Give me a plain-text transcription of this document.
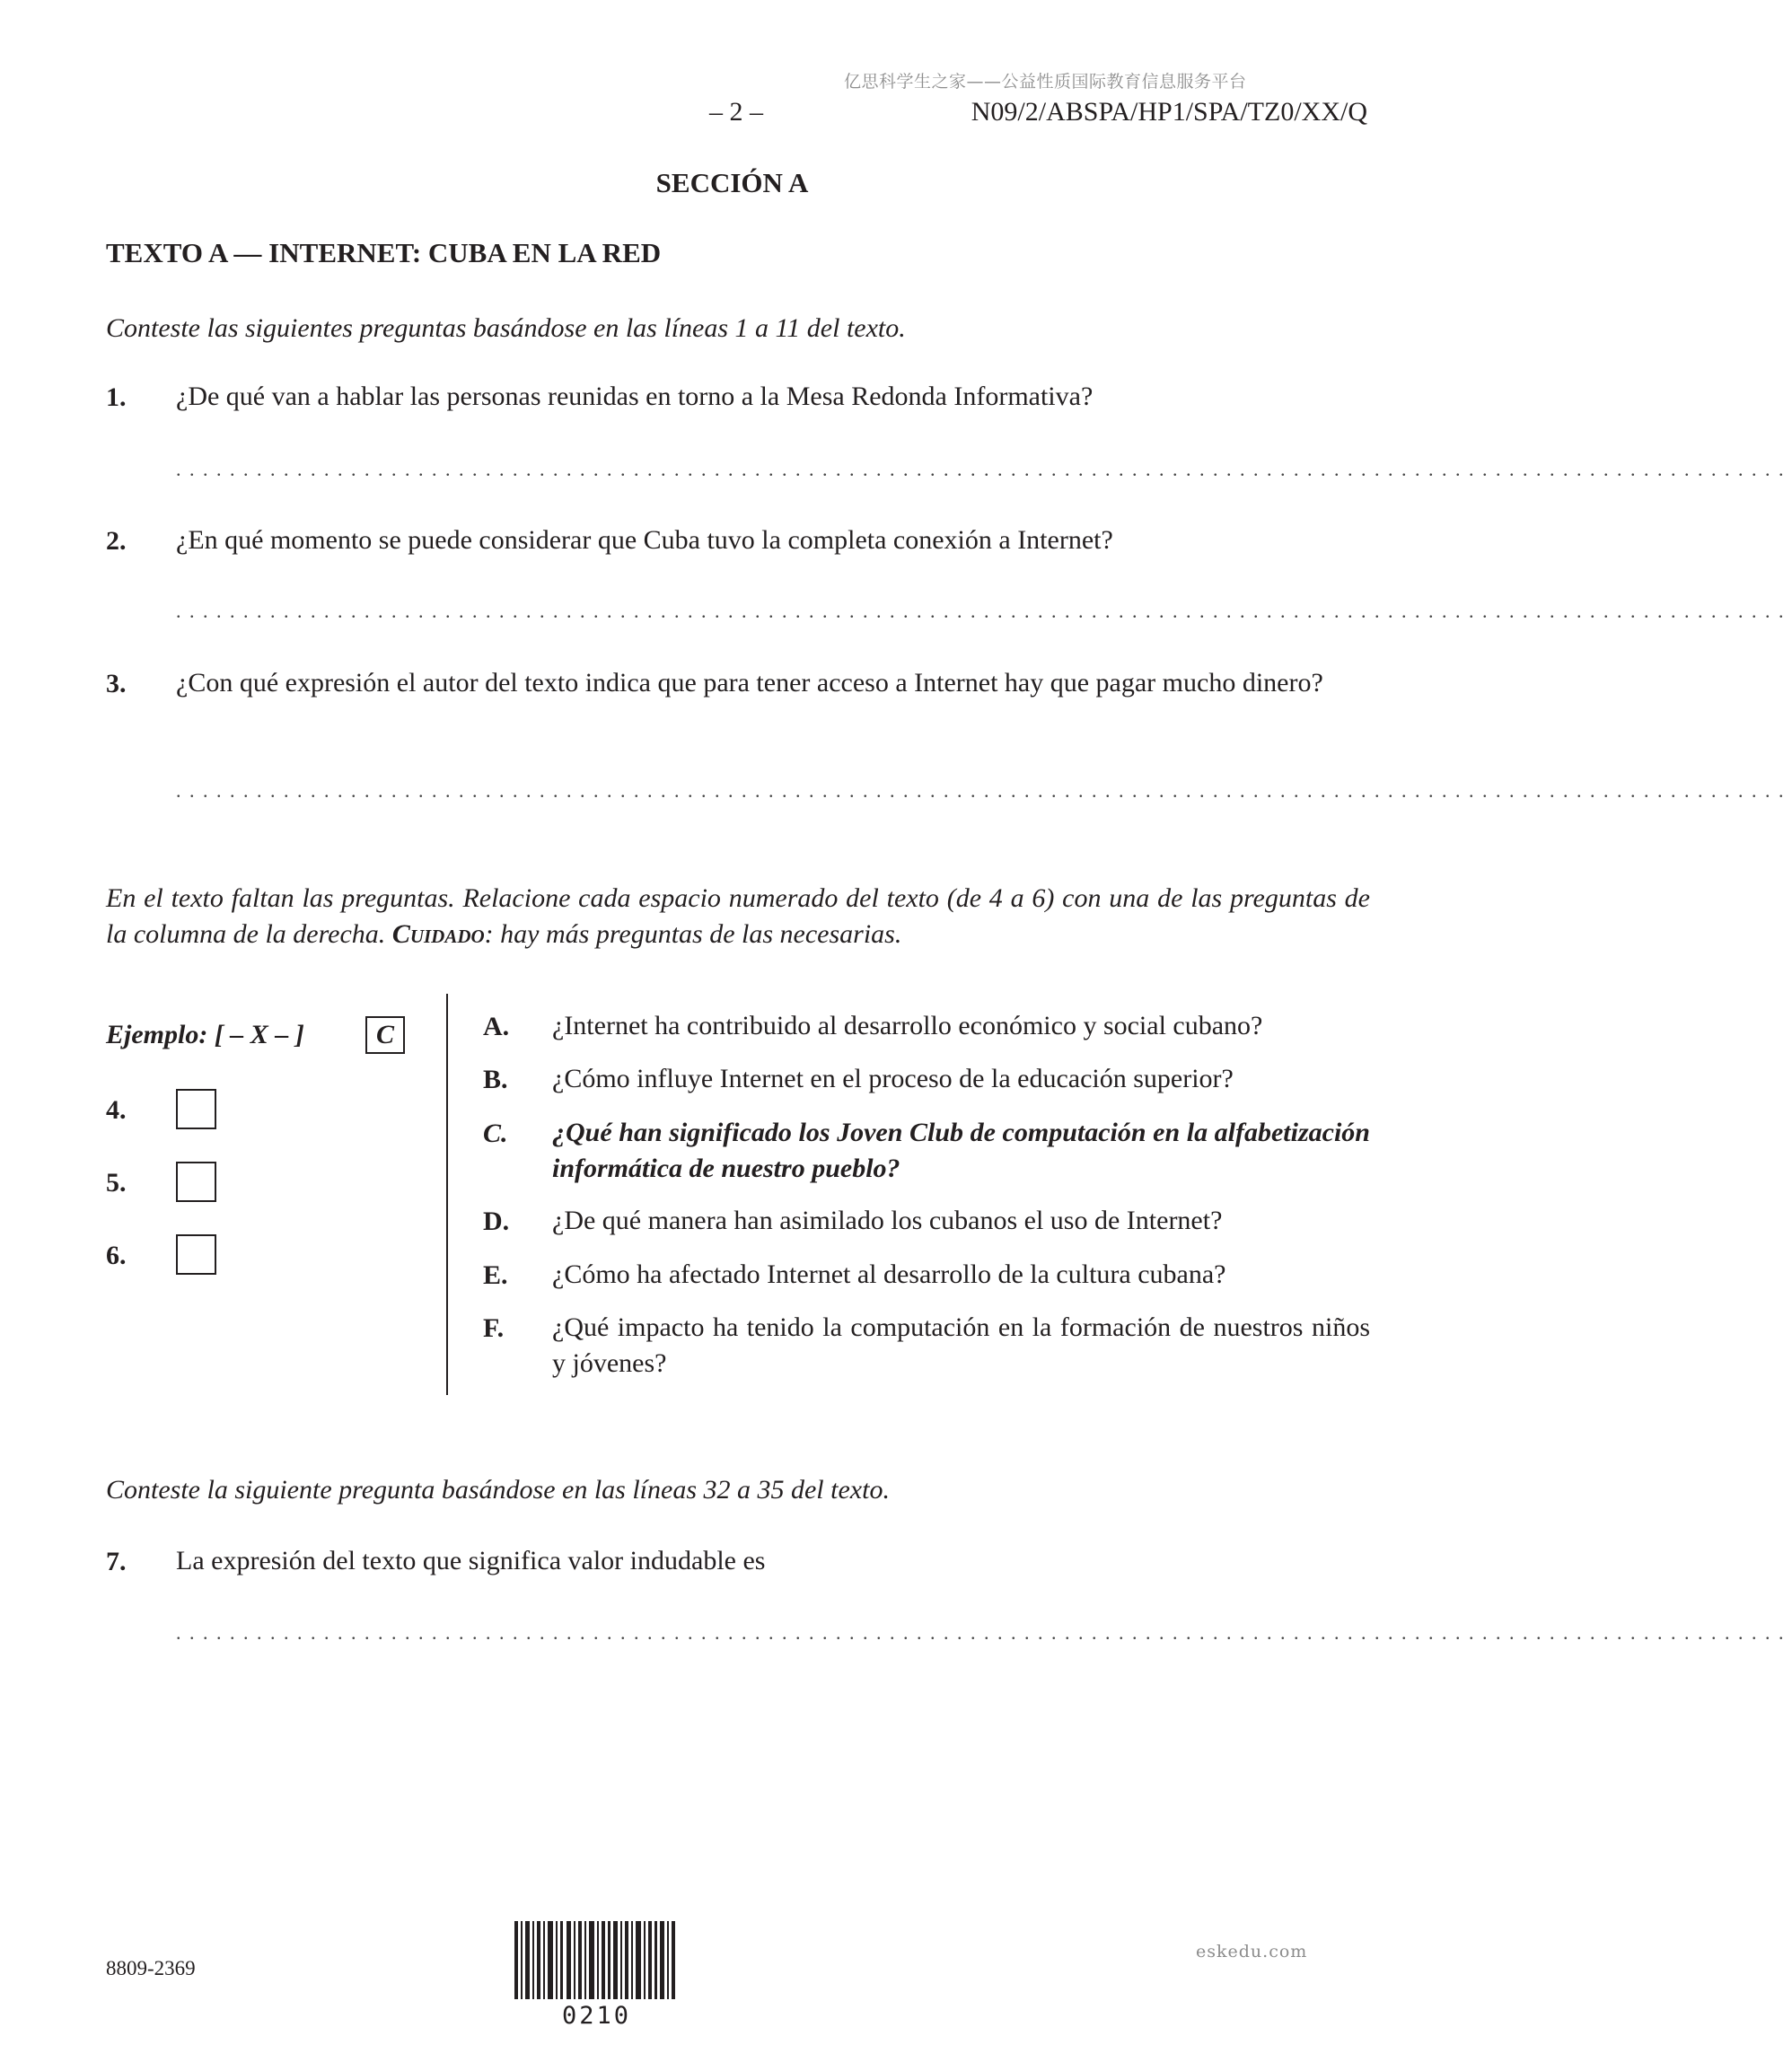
亿思科学生之家——公益性质国际教育信息服务平台
– 2 –	N09/2/ABSPA/HP1/SPA/TZ0/XX/Q
SECCIÓN A
TEXTO A — INTERNET: CUBA EN LA RED
Conteste las siguientes preguntas basándose en las líneas 1 a 11 del texto.
1. ¿De qué van a hablar las personas reunidas en torno a la Mesa Redonda Informativa?
........................................................................................................................
2. ¿En qué momento se puede considerar que Cuba tuvo la completa conexión a Internet?
........................................................................................................................
3. ¿Con qué expresión el autor del texto indica que para tener acceso a Internet hay que pagar mucho dinero?
........................................................................................................................
En el texto faltan las preguntas. Relacione cada espacio numerado del texto (de 4 a 6) con una de las preguntas de la columna de la derecha. Cuidado: hay más preguntas de las necesarias.
Ejemplo: [ – X – ]	C
4.
5.
6.
A. ¿Internet ha contribuido al desarrollo económico y social cubano?
B. ¿Cómo influye Internet en el proceso de la educación superior?
C. ¿Qué han significado los Joven Club de computación en la alfabetización informática de nuestro pueblo?
D. ¿De qué manera han asimilado los cubanos el uso de Internet?
E. ¿Cómo ha afectado Internet al desarrollo de la cultura cubana?
F. ¿Qué impacto ha tenido la computación en la formación de nuestros niños y jóvenes?
Conteste la siguiente pregunta basándose en las líneas 32 a 35 del texto.
7. La expresión del texto que significa valor indudable es
........................................................................................................................
8809-2369
0210
eskedu.com
